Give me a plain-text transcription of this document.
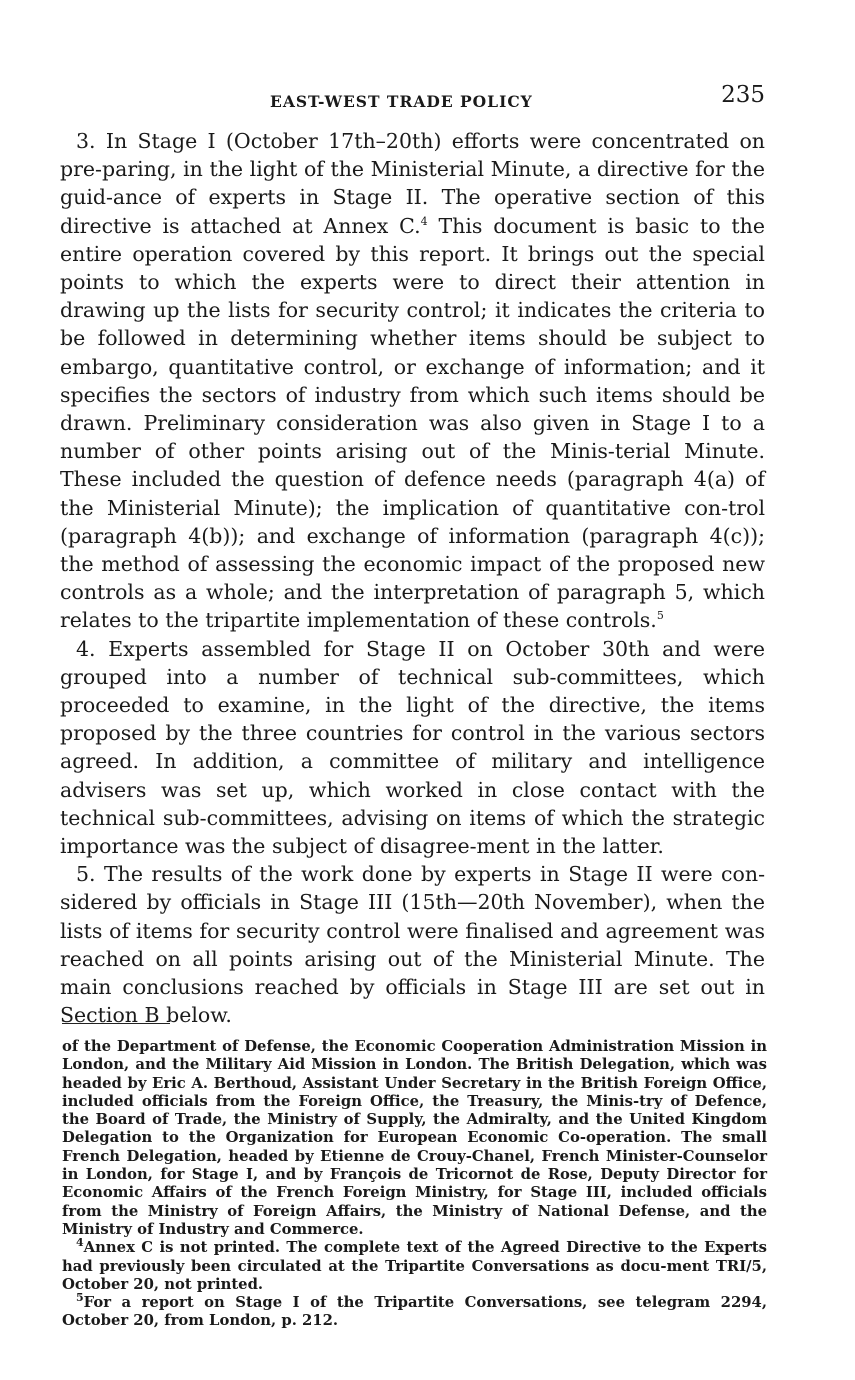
EAST-WEST TRADE POLICY	235

3. In Stage I (October 17th–20th) efforts were concentrated on pre-paring, in the light of the Ministerial Minute, a directive for the guid-ance of experts in Stage II. The operative section of this directive is attached at Annex C.$^4$ This document is basic to the entire operation covered by this report. It brings out the special points to which the experts were to direct their attention in drawing up the lists for security control; it indicates the criteria to be followed in determining whether items should be subject to embargo, quantitative control, or exchange of information; and it specifies the sectors of industry from which such items should be drawn. Preliminary consideration was also given in Stage I to a number of other points arising out of the Minis-terial Minute. These included the question of defence needs (paragraph 4(a) of the Ministerial Minute); the implication of quantitative con-trol (paragraph 4(b)); and exchange of information (paragraph 4(c)); the method of assessing the economic impact of the proposed new controls as a whole; and the interpretation of paragraph 5, which relates to the tripartite implementation of these controls.$^5$

4. Experts assembled for Stage II on October 30th and were grouped into a number of technical sub-committees, which proceeded to examine, in the light of the directive, the items proposed by the three countries for control in the various sectors agreed. In addition, a committee of military and intelligence advisers was set up, which worked in close contact with the technical sub-committees, advising on items of which the strategic importance was the subject of disagree-ment in the latter.

5. The results of the work done by experts in Stage II were con-sidered by officials in Stage III (15th—20th November), when the lists of items for security control were finalised and agreement was reached on all points arising out of the Ministerial Minute. The main conclusions reached by officials in Stage III are set out in Section B below.

of the Department of Defense, the Economic Cooperation Administration Mission in London, and the Military Aid Mission in London. The British Delegation, which was headed by Eric A. Berthoud, Assistant Under Secretary in the British Foreign Office, included officials from the Foreign Office, the Treasury, the Minis-try of Defence, the Board of Trade, the Ministry of Supply, the Admiralty, and the United Kingdom Delegation to the Organization for European Economic Co-operation. The small French Delegation, headed by Etienne de Crouy-Chanel, French Minister-Counselor in London, for Stage I, and by François de Tricornot de Rose, Deputy Director for Economic Affairs of the French Foreign Ministry, for Stage III, included officials from the Ministry of Foreign Affairs, the Ministry of National Defense, and the Ministry of Industry and Commerce.

$^4$Annex C is not printed. The complete text of the Agreed Directive to the Experts had previously been circulated at the Tripartite Conversations as docu-ment TRI/5, October 20, not printed.

$^5$For a report on Stage I of the Tripartite Conversations, see telegram 2294, October 20, from London, p. 212.
